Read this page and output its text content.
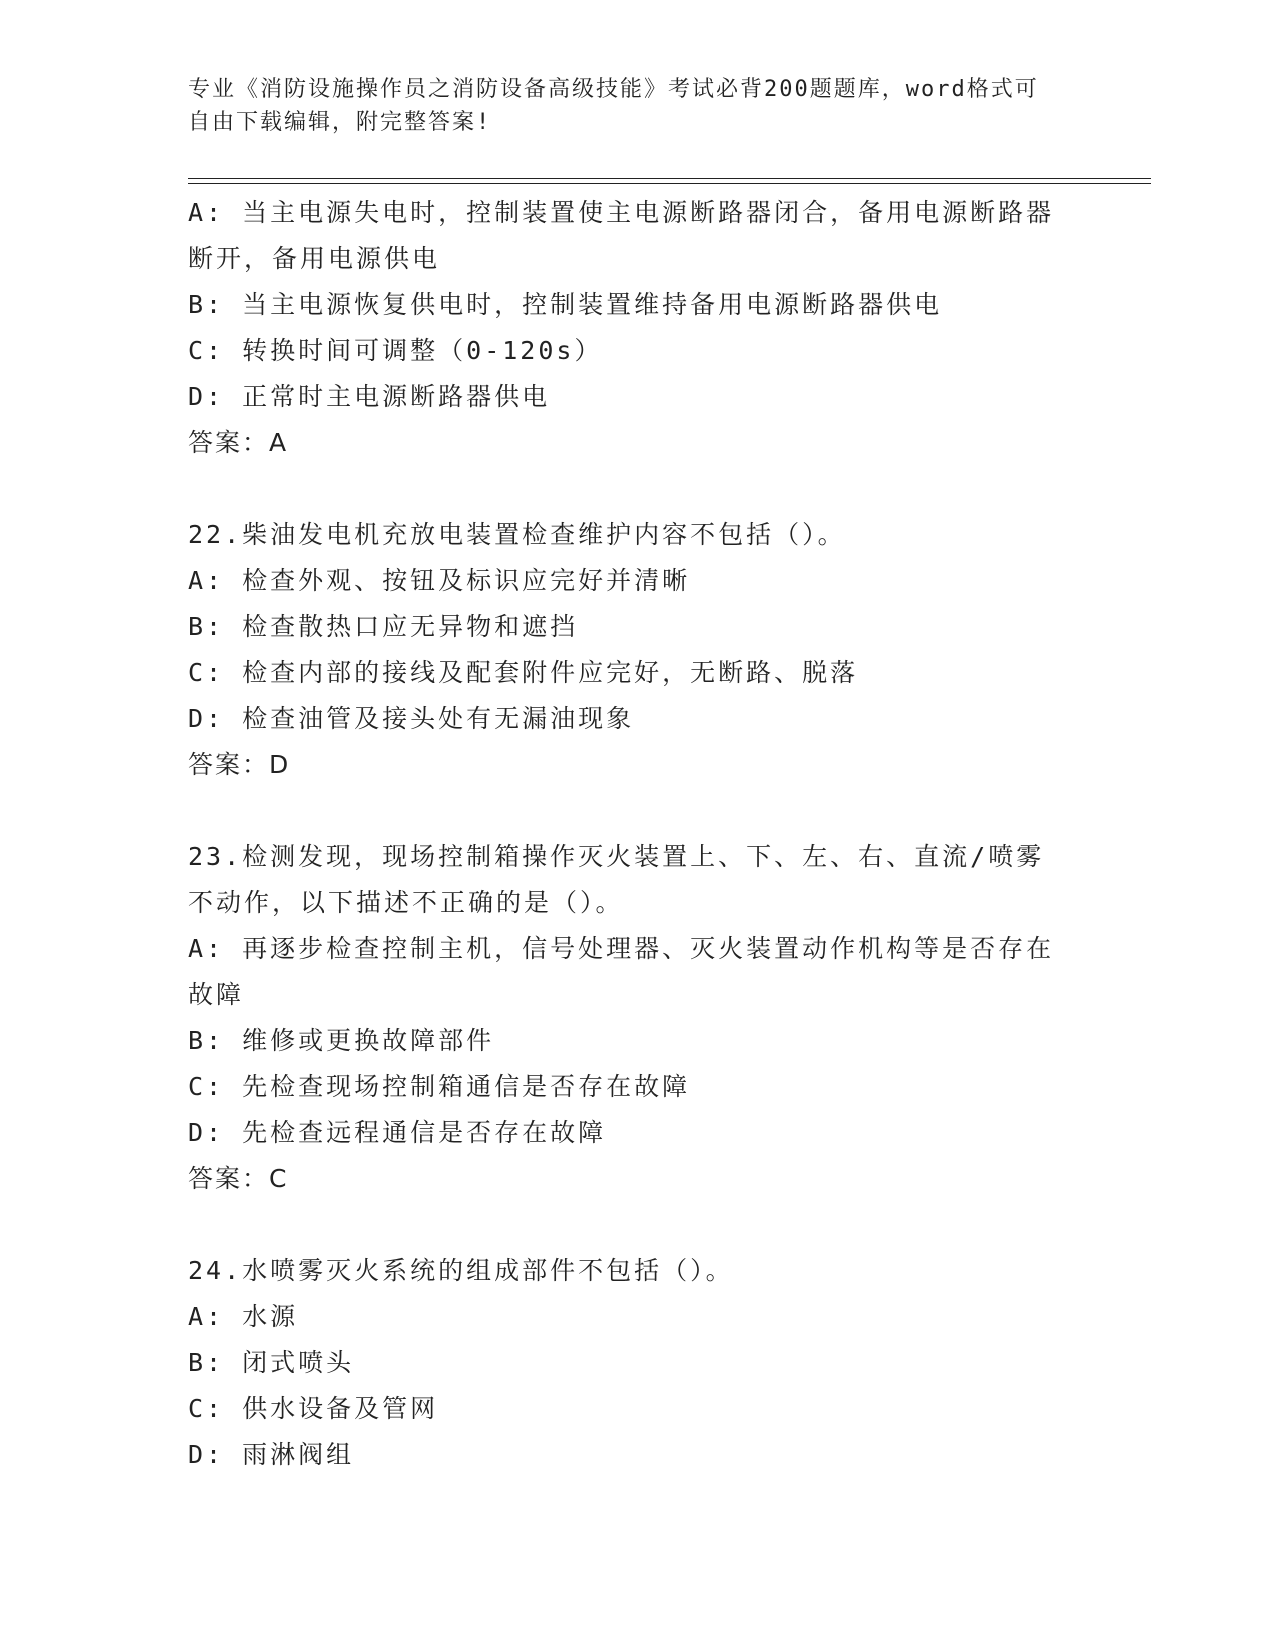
专业《消防设施操作员之消防设备高级技能》考试必背200题题库，word格式可
自由下载编辑，附完整答案!
A: 当主电源失电时，控制装置使主电源断路器闭合，备用电源断路器
断开，备用电源供电
B: 当主电源恢复供电时，控制装置维持备用电源断路器供电
C: 转换时间可调整（0-120s）
D: 正常时主电源断路器供电
答案：A
22.柴油发电机充放电装置检查维护内容不包括（）。
A: 检查外观、按钮及标识应完好并清晰
B: 检查散热口应无异物和遮挡
C: 检查内部的接线及配套附件应完好，无断路、脱落
D: 检查油管及接头处有无漏油现象
答案：D
23.检测发现，现场控制箱操作灭火装置上、下、左、右、直流/喷雾
不动作，以下描述不正确的是（）。
A: 再逐步检查控制主机，信号处理器、灭火装置动作机构等是否存在
故障
B: 维修或更换故障部件
C: 先检查现场控制箱通信是否存在故障
D: 先检查远程通信是否存在故障
答案：C
24.水喷雾灭火系统的组成部件不包括（）。
A: 水源
B: 闭式喷头
C: 供水设备及管网
D: 雨淋阀组
